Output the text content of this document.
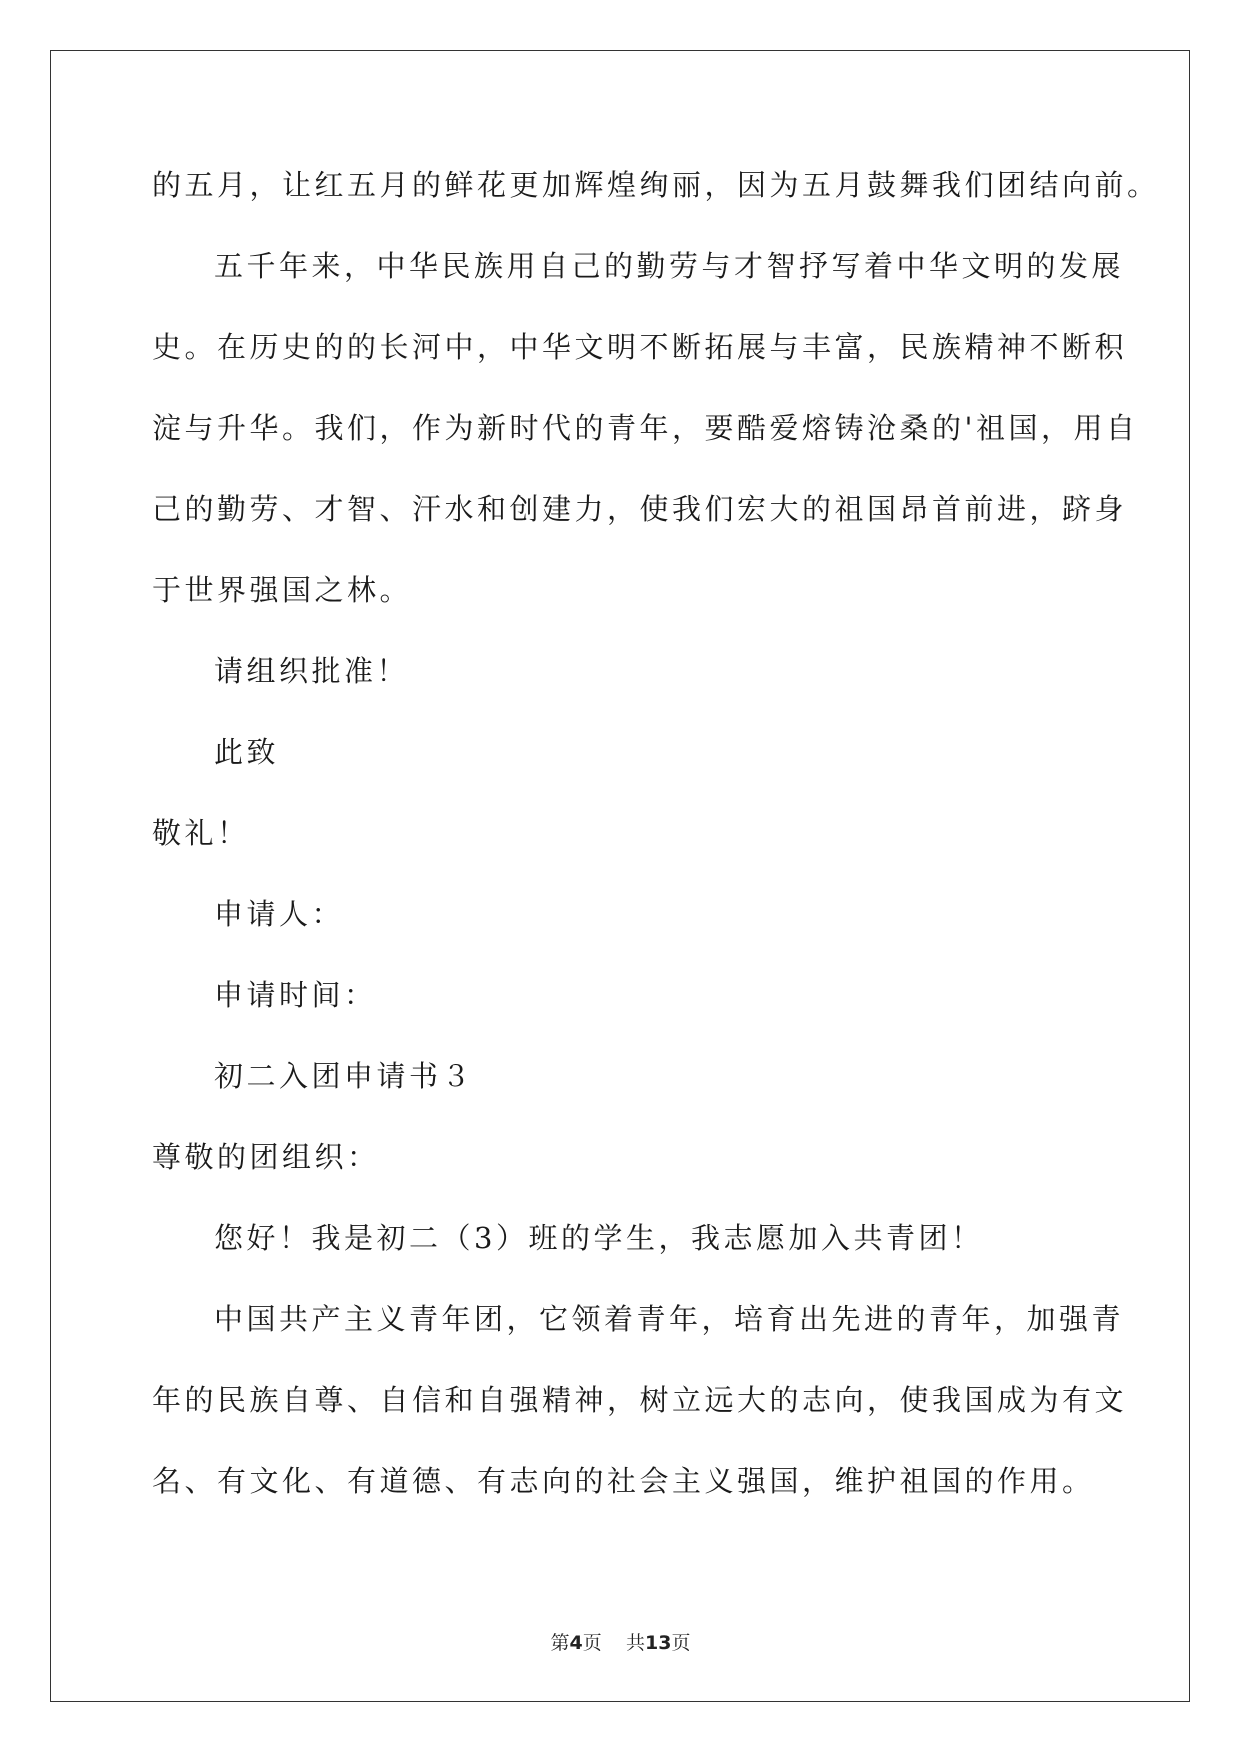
的五月，让红五月的鲜花更加辉煌绚丽，因为五月鼓舞我们团结向前。
五千年来，中华民族用自己的勤劳与才智抒写着中华文明的发展
史。在历史的的长河中，中华文明不断拓展与丰富，民族精神不断积
淀与升华。我们，作为新时代的青年，要酷爱熔铸沧桑的'祖国，用自
己的勤劳、才智、汗水和创建力，使我们宏大的祖国昂首前进，跻身
于世界强国之林。
请组织批准！
此致
敬礼！
申请人：
申请时间：
初二入团申请书３
尊敬的团组织：
您好！我是初二（3）班的学生，我志愿加入共青团！
中国共产主义青年团，它领着青年，培育出先进的青年，加强青
年的民族自尊、自信和自强精神，树立远大的志向，使我国成为有文
名、有文化、有道德、有志向的社会主义强国，维护祖国的作用。
第4页 共13页
